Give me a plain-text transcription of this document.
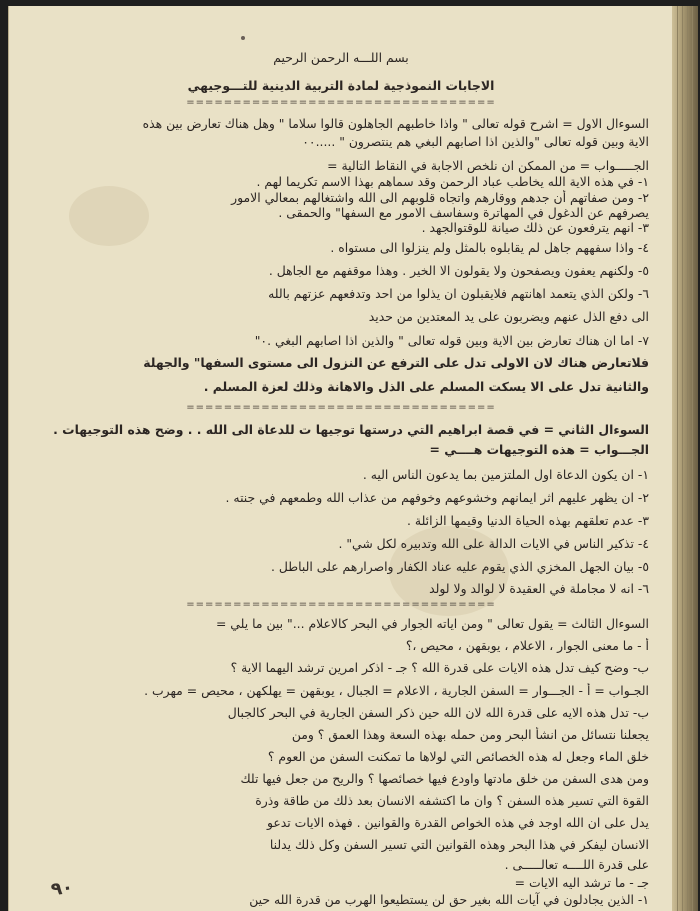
بسم اللـــه الرحمن الرحيم
الاجابات النموذجية لمادة التربية الدينية للتـــوجيهي
=================================
السوءال الاول = اشرح قوله تعالى " واذا خاطبهم الجاهلون قالوا سلاما " وهل هناك تعارض بين هذه
الاية وبين قوله تعالى "والذين اذا اصابهم البغي هم ينتصرون " .....٠٠
الجـــــواب = من الممكن ان نلخص الاجابة في النقاط التالية =
١- في هذه الاية الله يخاطب عباد الرحمن وقد سماهم بهذا الاسم تكريما لهم .
٢- ومن صفاتهم أن جدهم ووقارهم واتجاه قلوبهم الى الله واشتغالهم بمعالي الامور
يصرفهم عن الدغول في المهاترة وسفاسف الامور مع السفها" والحمقى .
٣- انهم يترفعون عن ذلك صيانة للوقتوالجهد .
٤- واذا سفههم جاهل لم يقابلوه بالمثل ولم ينزلوا الى مستواه .
٥- ولكنهم يعفون ويصفحون ولا يقولون الا الخير . وهذا موقفهم مع الجاهل .
٦- ولكن الذي يتعمد اهانتهم فلايقبلون ان يذلوا من احد وتدفعهم عزتهم بالله
الى دفع الذل عنهم ويضربون على يد المعتدين من حديد
٧- اما ان هناك تعارض بين الاية وبين قوله تعالى " والذين اذا اصابهم البغي .٠"
فلاتعارض هناك لان الاولى تدل على الترفع عن النزول الى مستوى السفها" والجهلة
والثانية تدل على الا يسكت المسلم على الذل والاهانة وذلك لعزة المسلم .
=================================
السوءال الثاني = في قصة ابراهيم التي درستها توجيها ت للدعاة الى الله . . وضح هذه التوجيهات .
الجـــواب = هذه التوجيهات هــــي =
١- ان يكون الدعاة اول الملتزمين بما يدعون الناس اليه .
٢- ان يظهر عليهم اثر ايمانهم وخشوعهم وخوفهم من عذاب الله وطمعهم في جنته .
٣- عدم تعلقهم بهذه الحياة الدنيا وقيمها الزائلة .
٤- تذكير الناس في الايات الدالة على الله وتدبيره لكل شي" .
٥- بيان الجهل المخزي الذي يقوم عليه عناد الكفار واصرارهم على الباطل .
٦- انه لا مجاملة في العقيدة لا لوالد ولا لولد
=================================
السوءال الثالث = يقول تعالى " ومن اياته الجوار في البحر كالاعلام ..." بين ما يلي =
أ - ما معنى الجوار ، الاعلام ، يوبقهن ، محيص ،؟
ب- وضح كيف تدل هذه الايات على قدرة الله ؟ جـ - اذكر امرين ترشد اليهما الاية ؟
الجـواب = أ - الجـــوار = السفن الجارية ، الاعلام = الجبال ، يوبقهن = يهلكهن ، محيص = مهرب .
ب- تدل هذه الايه على قدرة الله لان الله حين ذكر السفن الجارية في البحر كالجبال
يجعلنا نتسائل من انشأ البحر ومن حمله بهذه السعة وهذا العمق ؟ ومن
خلق الماء وجعل له هذه الخصائص التي لولاها ما تمكنت السفن من العوم ؟
ومن هدى السفن من خلق مادتها واودع فيها خصائصها ؟ والريح من جعل فيها تلك
القوة التي تسير هذه السفن ؟ وان ما اكتشفه الانسان بعد ذلك من طاقة وذرة
يدل على ان الله اوجد في هذه الخواص القدرة والقوانين . فهذه الايات تدعو
الانسان ليفكر في هذا البحر وهذه القوانين التي تسير السفن وكل ذلك يدلنا
على قدرة اللــــه تعالـــــى .
جـ - ما ترشد اليه الايات =
١- الذين يجادلون في آيات الله بغير حق لن يستطيعوا الهرب من قدرة الله حين
٩٠
